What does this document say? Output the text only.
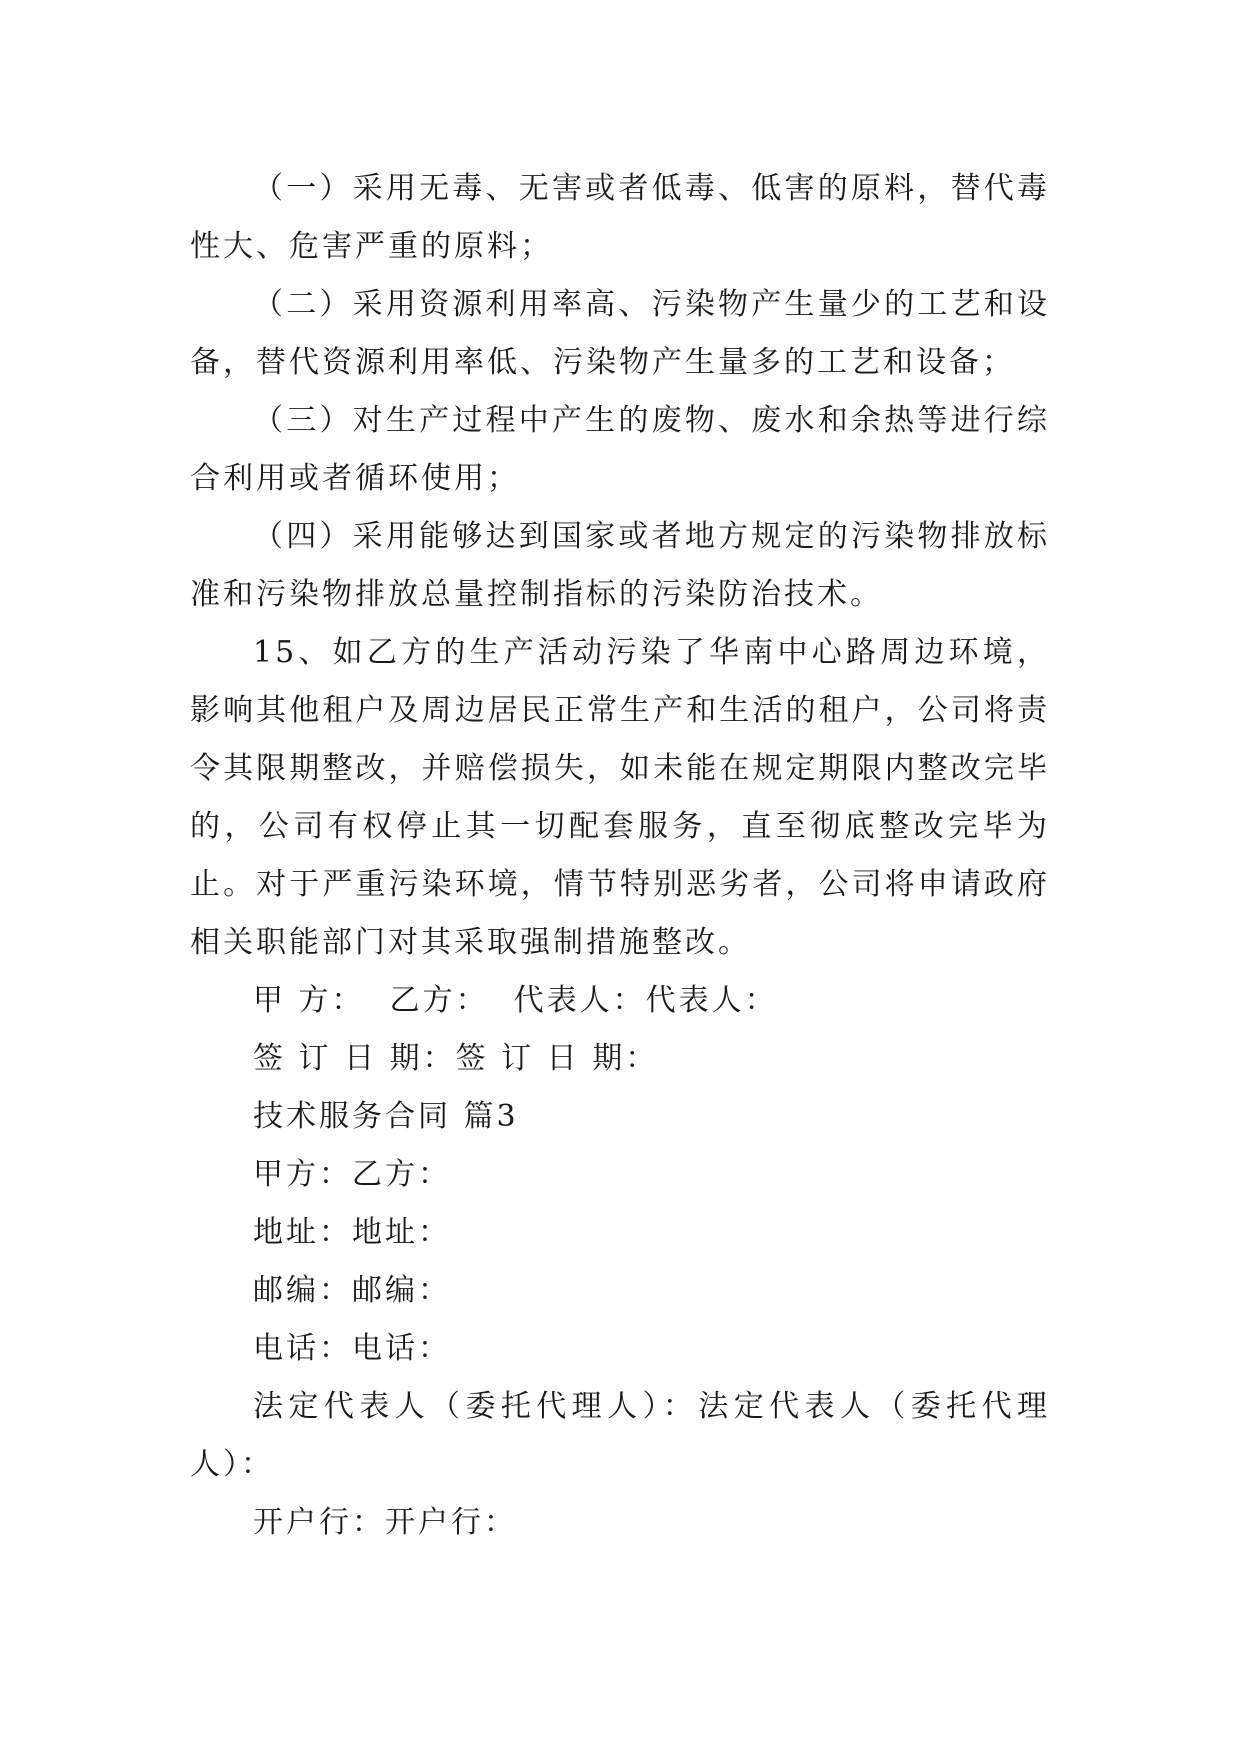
（一）采用无毒、无害或者低毒、低害的原料，替代毒性大、危害严重的原料；

（二）采用资源利用率高、污染物产生量少的工艺和设备，替代资源利用率低、污染物产生量多的工艺和设备；

（三）对生产过程中产生的废物、废水和余热等进行综合利用或者循环使用；

（四）采用能够达到国家或者地方规定的污染物排放标准和污染物排放总量控制指标的污染防治技术。

15、如乙方的生产活动污染了华南中心路周边环境，影响其他租户及周边居民正常生产和生活的租户，公司将责令其限期整改，并赔偿损失，如未能在规定期限内整改完毕的，公司有权停止其一切配套服务，直至彻底整改完毕为止。对于严重污染环境，情节特别恶劣者，公司将申请政府相关职能部门对其采取强制措施整改。

甲 方：  乙方：  代表人：代表人：

签 订 日 期：签 订 日 期：

技术服务合同 篇3

甲方：乙方：

地址：地址：

邮编：邮编：

电话：电话：

法定代表人（委托代理人）：法定代表人（委托代理人）：

开户行：开户行：
